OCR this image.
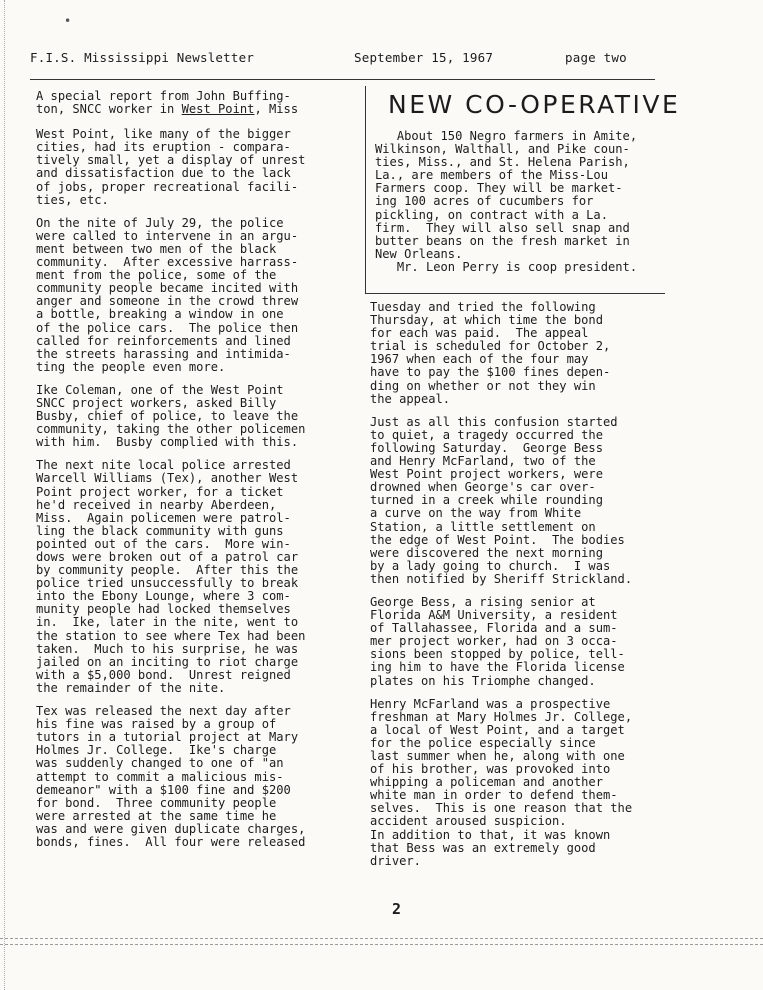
•
F.I.S. Mississippi Newsletter	September 15, 1967	page two
A special report from John Buffing-
ton, SNCC worker in West Point, Miss

West Point, like many of the bigger
cities, had its eruption - compara-
tively small, yet a display of unrest
and dissatisfaction due to the lack
of jobs, proper recreational facili-
ties, etc.

On the nite of July 29, the police
were called to intervene in an argu-
ment between two men of the black
community.  After excessive harrass-
ment from the police, some of the
community people became incited with
anger and someone in the crowd threw
a bottle, breaking a window in one
of the police cars.  The police then
called for reinforcements and lined
the streets harassing and intimida-
ting the people even more.

Ike Coleman, one of the West Point
SNCC project workers, asked Billy
Busby, chief of police, to leave the
community, taking the other policemen
with him.  Busby complied with this.

The next nite local police arrested
Warcell Williams (Tex), another West
Point project worker, for a ticket
he'd received in nearby Aberdeen,
Miss.  Again policemen were patrol-
ling the black community with guns
pointed out of the cars.  More win-
dows were broken out of a patrol car
by community people.  After this the
police tried unsuccessfully to break
into the Ebony Lounge, where 3 com-
munity people had locked themselves
in.  Ike, later in the nite, went to
the station to see where Tex had been
taken.  Much to his surprise, he was
jailed on an inciting to riot charge
with a $5,000 bond.  Unrest reigned
the remainder of the nite.

Tex was released the next day after
his fine was raised by a group of
tutors in a tutorial project at Mary
Holmes Jr. College.  Ike's charge
was suddenly changed to one of "an
attempt to commit a malicious mis-
demeanor" with a $100 fine and $200
for bond.  Three community people
were arrested at the same time he
was and were given duplicate charges,
bonds, fines.  All four were released

NEW CO-OPERATIVE

About 150 Negro farmers in Amite,

Wilkinson, Walthall, and Pike coun-

ties, Miss., and St. Helena Parish,

La., are members of the Miss-Lou

Farmers coop. They will be market-

ing 100 acres of cucumbers for

pickling, on contract with a La.

firm.  They will also sell snap and

butter beans on the fresh market in

New Orleans.

Mr. Leon Perry is coop president.

Tuesday and tried the following
Thursday, at which time the bond
for each was paid.  The appeal
trial is scheduled for October 2,
1967 when each of the four may
have to pay the $100 fines depen-
ding on whether or not they win
the appeal.

Just as all this confusion started
to quiet, a tragedy occurred the
following Saturday.  George Bess
and Henry McFarland, two of the
West Point project workers, were
drowned when George's car over-
turned in a creek while rounding
a curve on the way from White
Station, a little settlement on
the edge of West Point.  The bodies
were discovered the next morning
by a lady going to church.  I was
then notified by Sheriff Strickland.

George Bess, a rising senior at
Florida A&M University, a resident
of Tallahassee, Florida and a sum-
mer project worker, had on 3 occa-
sions been stopped by police, tell-
ing him to have the Florida license
plates on his Triomphe changed.

Henry McFarland was a prospective
freshman at Mary Holmes Jr. College,
a local of West Point, and a target
for the police especially since
last summer when he, along with one
of his brother, was provoked into
whipping a policeman and another
white man in order to defend them-
selves.  This is one reason that the
accident aroused suspicion.
In addition to that, it was known
that Bess was an extremely good
driver.

2
